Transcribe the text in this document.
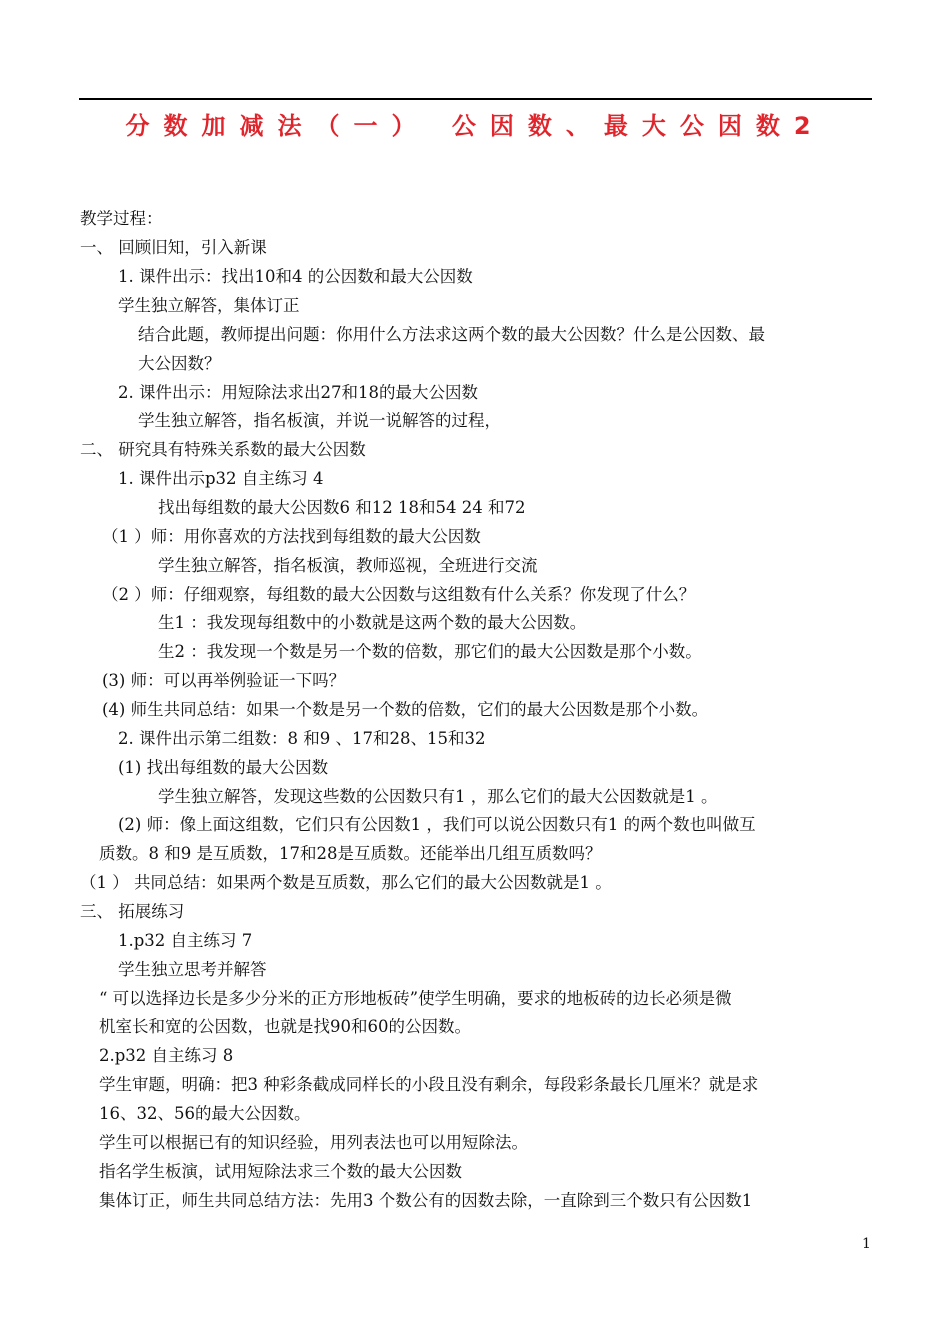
分数加减法（一） 公因数、最大公因数2
教学过程：
一、 回顾旧知，引入新课
1. 课件出示：找出10和4 的公因数和最大公因数
学生独立解答，集体订正
结合此题，教师提出问题：你用什么方法求这两个数的最大公因数？什么是公因数、最
大公因数？
2. 课件出示：用短除法求出27和18的最大公因数
学生独立解答，指名板演，并说一说解答的过程，
二、 研究具有特殊关系数的最大公因数
1. 课件出示p32 自主练习 4
找出每组数的最大公因数6 和12 18和54 24 和72
（1 ）师：用你喜欢的方法找到每组数的最大公因数
学生独立解答，指名板演，教师巡视，全班进行交流
（2 ）师：仔细观察，每组数的最大公因数与这组数有什么关系？你发现了什么？
生1 ：我发现每组数中的小数就是这两个数的最大公因数。
生2 ：我发现一个数是另一个数的倍数，那它们的最大公因数是那个小数。
(3) 师：可以再举例验证一下吗？
(4) 师生共同总结：如果一个数是另一个数的倍数，它们的最大公因数是那个小数。
2. 课件出示第二组数：8 和9 、17和28、15和32
(1) 找出每组数的最大公因数
学生独立解答，发现这些数的公因数只有1 ，那么它们的最大公因数就是1 。
(2) 师：像上面这组数，它们只有公因数1 ，我们可以说公因数只有1 的两个数也叫做互
质数。8 和9 是互质数，17和28是互质数。还能举出几组互质数吗？
（1 ） 共同总结：如果两个数是互质数，那么它们的最大公因数就是1 。
三、 拓展练习
1.p32 自主练习 7
学生独立思考并解答
“ 可以选择边长是多少分米的正方形地板砖”使学生明确，要求的地板砖的边长必须是微
机室长和宽的公因数，也就是找90和60的公因数。
2.p32 自主练习 8
学生审题，明确：把3 种彩条截成同样长的小段且没有剩余，每段彩条最长几厘米？就是求
16、32、56的最大公因数。
学生可以根据已有的知识经验，用列表法也可以用短除法。
指名学生板演，试用短除法求三个数的最大公因数
集体订正，师生共同总结方法：先用3 个数公有的因数去除，一直除到三个数只有公因数1
1
